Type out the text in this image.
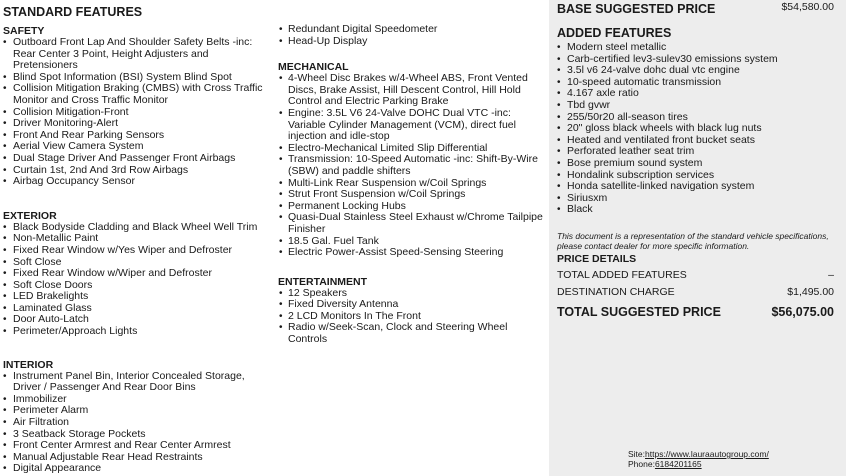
STANDARD FEATURES
SAFETY
• Outboard Front Lap And Shoulder Safety Belts -inc: Rear Center 3 Point, Height Adjusters and Pretensioners
• Blind Spot Information (BSI) System Blind Spot
• Collision Mitigation Braking (CMBS) with Cross Traffic Monitor and Cross Traffic Monitor
• Collision Mitigation-Front
• Driver Monitoring-Alert
• Front And Rear Parking Sensors
• Aerial View Camera System
• Dual Stage Driver And Passenger Front Airbags
• Curtain 1st, 2nd And 3rd Row Airbags
• Airbag Occupancy Sensor
EXTERIOR
• Black Bodyside Cladding and Black Wheel Well Trim
• Non-Metallic Paint
• Fixed Rear Window w/Yes Wiper and Defroster
• Soft Close
• Fixed Rear Window w/Wiper and Defroster
• Soft Close Doors
• LED Brakelights
• Laminated Glass
• Door Auto-Latch
• Perimeter/Approach Lights
INTERIOR
• Instrument Panel Bin, Interior Concealed Storage, Driver / Passenger And Rear Door Bins
• Immobilizer
• Perimeter Alarm
• Air Filtration
• 3 Seatback Storage Pockets
• Front Center Armrest and Rear Center Armrest
• Manual Adjustable Rear Head Restraints
• Digital Appearance
• Redundant Digital Speedometer
• Head-Up Display
MECHANICAL
• 4-Wheel Disc Brakes w/4-Wheel ABS, Front Vented Discs, Brake Assist, Hill Descent Control, Hill Hold Control and Electric Parking Brake
• Engine: 3.5L V6 24-Valve DOHC Dual VTC -inc: Variable Cylinder Management (VCM), direct fuel injection and idle-stop
• Electro-Mechanical Limited Slip Differential
• Transmission: 10-Speed Automatic -inc: Shift-By-Wire (SBW) and paddle shifters
• Multi-Link Rear Suspension w/Coil Springs
• Strut Front Suspension w/Coil Springs
• Permanent Locking Hubs
• Quasi-Dual Stainless Steel Exhaust w/Chrome Tailpipe Finisher
• 18.5 Gal. Fuel Tank
• Electric Power-Assist Speed-Sensing Steering
ENTERTAINMENT
• 12 Speakers
• Fixed Diversity Antenna
• 2 LCD Monitors In The Front
• Radio w/Seek-Scan, Clock and Steering Wheel Controls
BASE SUGGESTED PRICE	$54,580.00
ADDED FEATURES
• Modern steel metallic
• Carb-certified lev3-sulev30 emissions system
• 3.5l v6 24-valve dohc dual vtc engine
• 10-speed automatic transmission
• 4.167 axle ratio
• Tbd gvwr
• 255/50r20 all-season tires
• 20" gloss black wheels with black lug nuts
• Heated and ventilated front bucket seats
• Perforated leather seat trim
• Bose premium sound system
• Hondalink subscription services
• Honda satellite-linked navigation system
• Siriusxm
• Black
This document is a representation of the standard vehicle specifications, please contact dealer for more specific information.
PRICE DETAILS
TOTAL ADDED FEATURES	–
DESTINATION CHARGE	$1,495.00
TOTAL SUGGESTED PRICE	$56,075.00
Site:https://www.lauraautogroup.com/
Phone:6184201165
